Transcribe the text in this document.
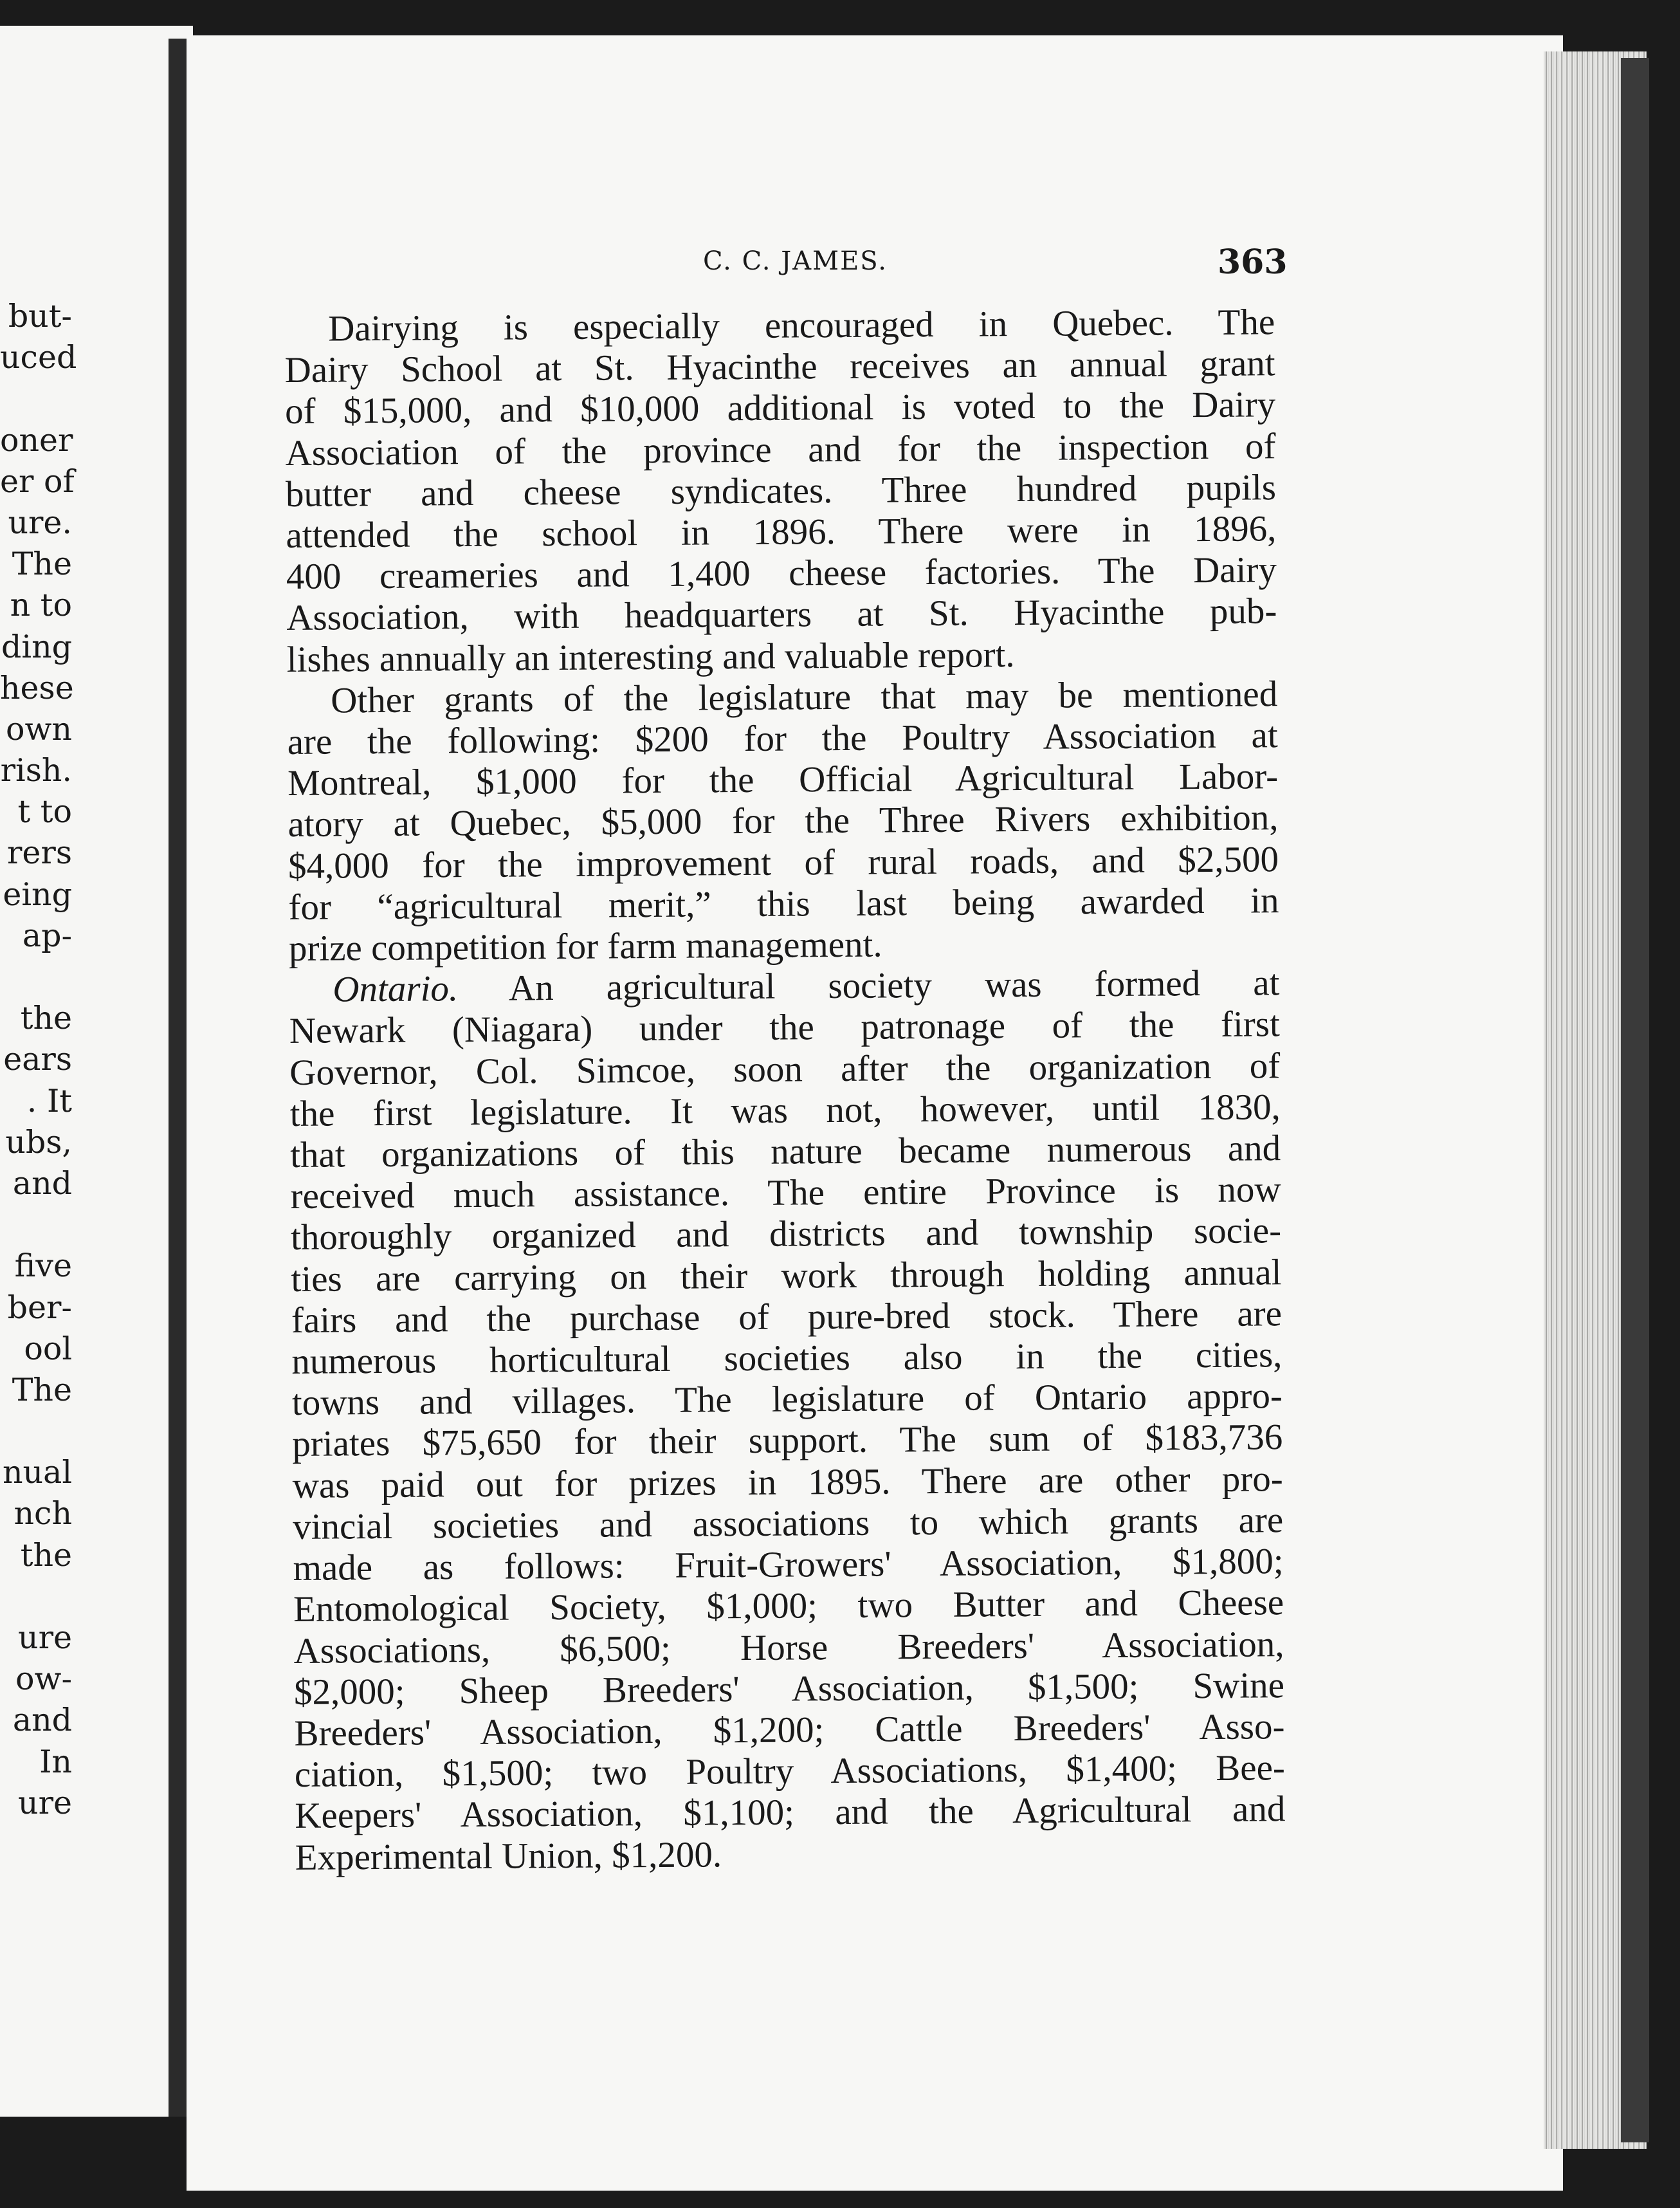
but-
uced
oner
er of
ure.
The
n to
ding
hese
own
rish.
t to
rers
eing
ap-
the
ears
. It
ubs,
and
five
ber-
ool
The
nual
nch
the
ure
ow-
and
In
ure
C. C. JAMES.	363
Dairying is especially encouraged in Quebec. The
Dairy School at St. Hyacinthe receives an annual grant
of $15,000, and $10,000 additional is voted to the Dairy
Association of the province and for the inspection of
butter and cheese syndicates. Three hundred pupils
attended the school in 1896. There were in 1896,
400 creameries and 1,400 cheese factories. The Dairy
Association, with headquarters at St. Hyacinthe pub-
lishes annually an interesting and valuable report.
Other grants of the legislature that may be mentioned
are the following: $200 for the Poultry Association at
Montreal, $1,000 for the Official Agricultural Labor-
atory at Quebec, $5,000 for the Three Rivers exhibition,
$4,000 for the improvement of rural roads, and $2,500
for “agricultural merit,” this last being awarded in
prize competition for farm management.
Ontario. An agricultural society was formed at
Newark (Niagara) under the patronage of the first
Governor, Col. Simcoe, soon after the organization of
the first legislature. It was not, however, until 1830,
that organizations of this nature became numerous and
received much assistance. The entire Province is now
thoroughly organized and districts and township socie-
ties are carrying on their work through holding annual
fairs and the purchase of pure-bred stock. There are
numerous horticultural societies also in the cities,
towns and villages. The legislature of Ontario appro-
priates $75,650 for their support. The sum of $183,736
was paid out for prizes in 1895. There are other pro-
vincial societies and associations to which grants are
made as follows: Fruit-Growers' Association, $1,800;
Entomological Society, $1,000; two Butter and Cheese
Associations, $6,500; Horse Breeders' Association,
$2,000; Sheep Breeders' Association, $1,500; Swine
Breeders' Association, $1,200; Cattle Breeders' Asso-
ciation, $1,500; two Poultry Associations, $1,400; Bee-
Keepers' Association, $1,100; and the Agricultural and
Experimental Union, $1,200.
